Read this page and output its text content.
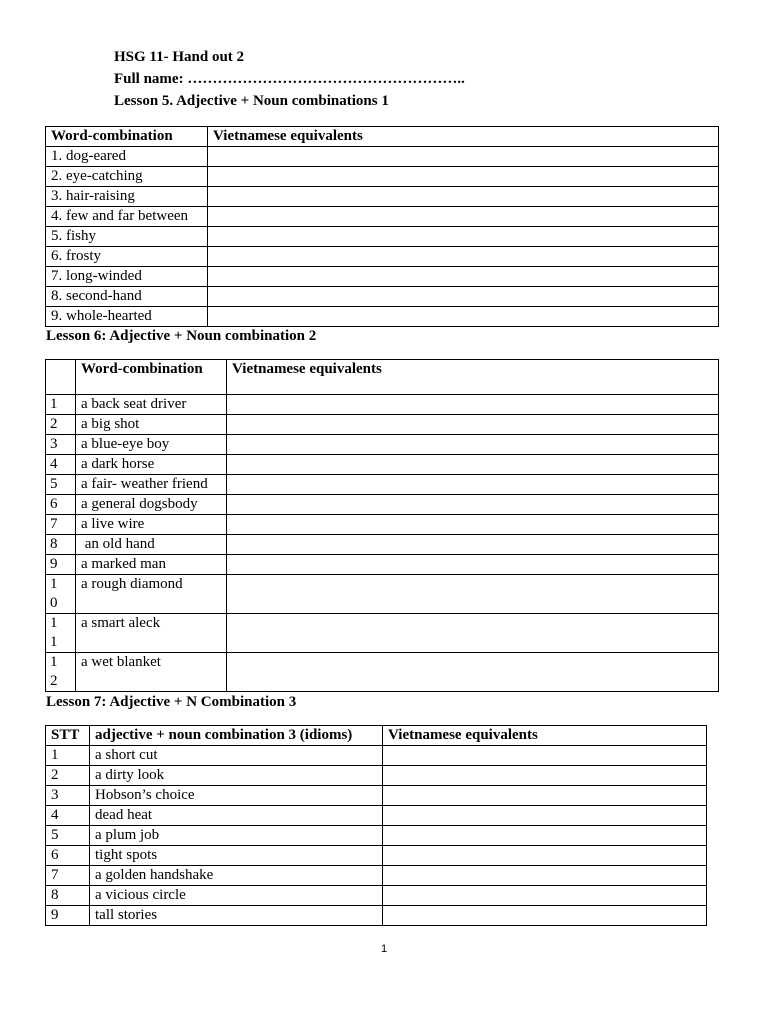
HSG 11- Hand out 2
Full name: ………………………………………………..
Lesson 5. Adjective + Noun combinations 1
Word-combination	Vietnamese equivalents
1. dog-eared	
2. eye-catching	
3. hair-raising	
4. few and far between	
5. fishy	
6. frosty	
7. long-winded	
8. second-hand	
9. whole-hearted	
Lesson 6: Adjective + Noun combination 2
	Word-combination	Vietnamese equivalents
1	a back seat driver	
2	a big shot	
3	a blue-eye boy	
4	a dark horse	
5	a fair- weather friend	
6	a general dogsbody	
7	a live wire	
8	an old hand	
9	a marked man	
10	a rough diamond	
11	a smart aleck	
12	a wet blanket	
Lesson 7: Adjective + N Combination 3
STT	adjective + noun combination 3 (idioms)	Vietnamese equivalents
1	a short cut	
2	a dirty look	
3	Hobson’s choice	
4	dead heat	
5	a plum job	
6	tight spots	
7	a golden handshake	
8	a vicious circle	
9	tall stories	
1
